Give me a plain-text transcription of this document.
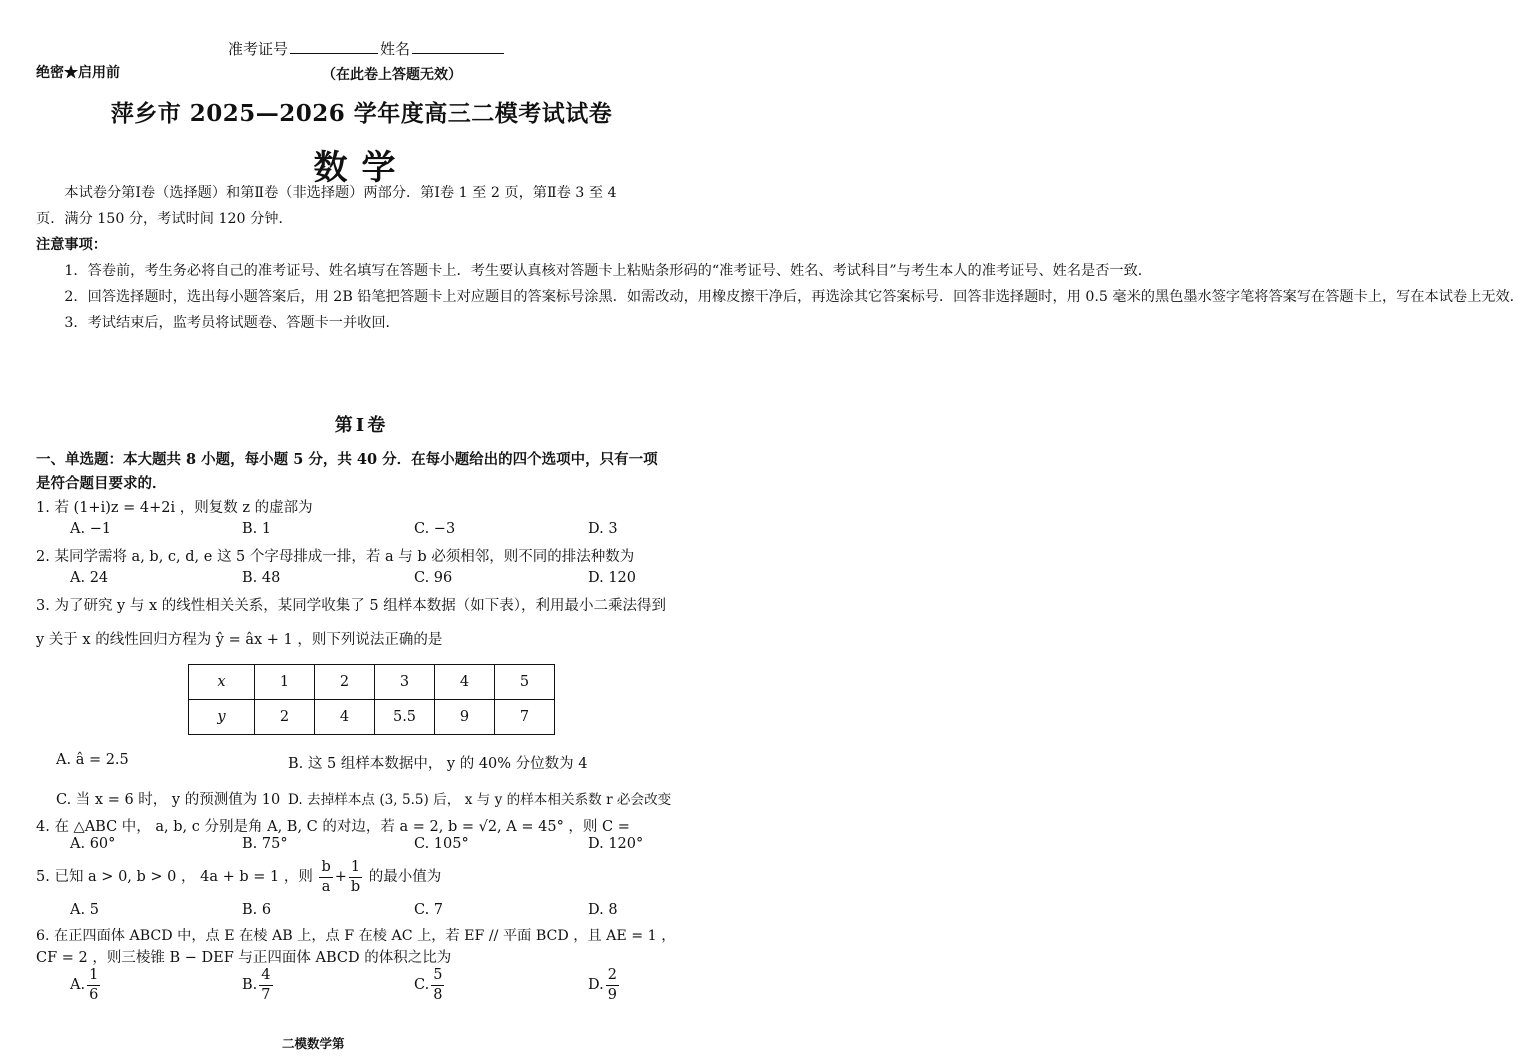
准考证号	姓名
绝密★启用前	（在此卷上答题无效）
萍乡市 2025—2026 学年度高三二模考试试卷
数学

本试卷分第Ⅰ卷（选择题）和第Ⅱ卷（非选择题）两部分．第Ⅰ卷 1 至 2 页，第Ⅱ卷 3 至 4

页．满分 150 分，考试时间 120 分钟．

注意事项：

1．答卷前，考生务必将自己的准考证号、姓名填写在答题卡上．考生要认真核对答题卡上粘贴条形码的“准考证号、姓名、考试科目”与考生本人的准考证号、姓名是否一致．

2．回答选择题时，选出每小题答案后，用 2B 铅笔把答题卡上对应题目的答案标号涂黑．如需改动，用橡皮擦干净后，再选涂其它答案标号．回答非选择题时，用 0.5 毫米的黑色墨水签字笔将答案写在答题卡上，写在本试卷上无效．

3．考试结束后，监考员将试题卷、答题卡一并收回．

第Ⅰ卷
一、单选题：本大题共 8 小题，每小题 5 分，共 40 分．在每小题给出的四个选项中，只有一项
是符合题目要求的．
1. 若 (1+i)z = 4+2i ，则复数 z 的虚部为
A. −1	B. 1	C. −3	D. 3
2. 某同学需将 a, b, c, d, e 这 5 个字母排成一排，若 a 与 b 必须相邻，则不同的排法种数为
A. 24	B. 48	C. 96	D. 120
3. 为了研究 y 与 x 的线性相关关系，某同学收集了 5 组样本数据（如下表），利用最小二乘法得到
y 关于 x 的线性回归方程为 ŷ = âx + 1 ，则下列说法正确的是
x	1	2	3	4	5
y	2	4	5.5	9	7
A. â = 2.5	B. 这 5 组样本数据中， y 的 40% 分位数为 4
C. 当 x = 6 时， y 的预测值为 10 D. 去掉样本点 (3, 5.5) 后， x 与 y 的样本相关系数 r 必会改变
4. 在 △ABC 中， a, b, c 分别是角 A, B, C 的对边，若 a = 2, b = √2, A = 45° ，则 C =
A. 60°	B. 75°	C. 105°	D. 120°
5. 已知 a > 0, b > 0 ， 4a + b = 1 ，则 $\frac{b}{a} + \frac{1}{b}$ 的最小值为
A. 5	B. 6	C. 7	D. 8
6. 在正四面体 ABCD 中，点 E 在棱 AB 上，点 F 在棱 AC 上，若 EF // 平面 BCD ，且 AE = 1 ，
CF = 2 ，则三棱锥 B − DEF 与正四面体 ABCD 的体积之比为
A. $\frac{1}{6}$	B. $\frac{4}{7}$	C. $\frac{5}{8}$	D. $\frac{2}{9}$
二模数学第
